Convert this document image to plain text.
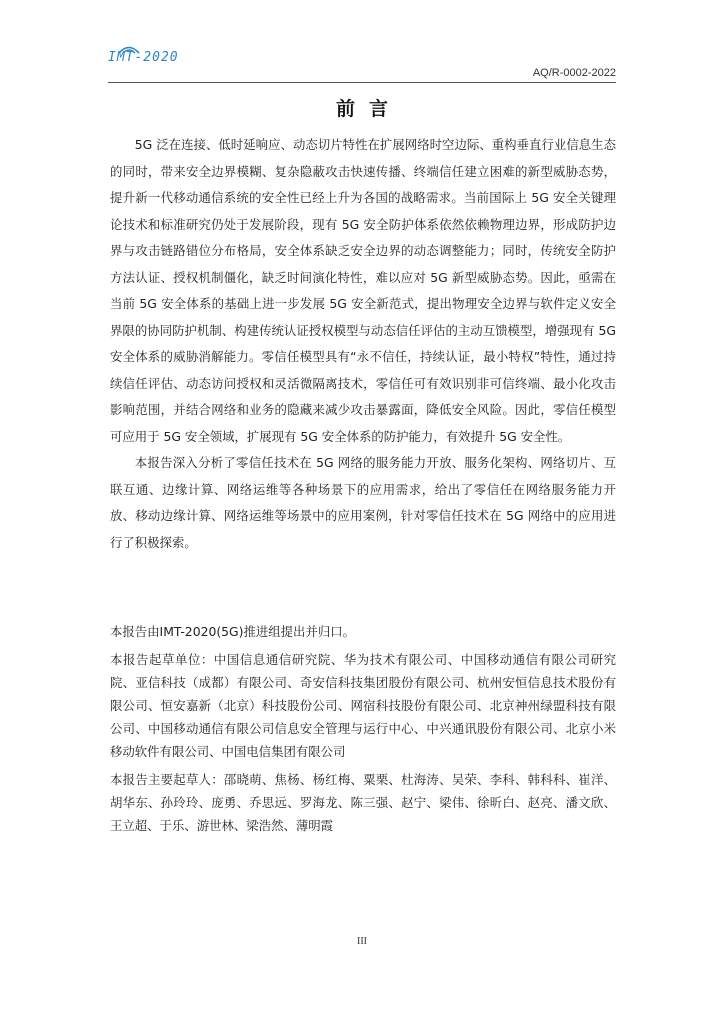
IMT-2020
AQ/R-0002-2022
前言

5G 泛在连接、低时延响应、动态切片特性在扩展网络时空边际、重构垂直行业信息生态的同时，带来安全边界模糊、复杂隐蔽攻击快速传播、终端信任建立困难的新型威胁态势，提升新一代移动通信系统的安全性已经上升为各国的战略需求。当前国际上 5G 安全关键理论技术和标准研究仍处于发展阶段，现有 5G 安全防护体系依然依赖物理边界，形成防护边界与攻击链路错位分布格局，安全体系缺乏安全边界的动态调整能力；同时，传统安全防护方法认证、授权机制僵化，缺乏时间演化特性，难以应对 5G 新型威胁态势。因此，亟需在当前 5G 安全体系的基础上进一步发展 5G 安全新范式，提出物理安全边界与软件定义安全界限的协同防护机制、构建传统认证授权模型与动态信任评估的主动互馈模型，增强现有 5G 安全体系的威胁消解能力。零信任模型具有“永不信任，持续认证，最小特权”特性，通过持续信任评估、动态访问授权和灵活微隔离技术，零信任可有效识别非可信终端、最小化攻击影响范围，并结合网络和业务的隐藏来减少攻击暴露面，降低安全风险。因此，零信任模型可应用于 5G 安全领域，扩展现有 5G 安全体系的防护能力，有效提升 5G 安全性。

本报告深入分析了零信任技术在 5G 网络的服务能力开放、服务化架构、网络切片、互联互通、边缘计算、网络运维等各种场景下的应用需求，给出了零信任在网络服务能力开放、移动边缘计算、网络运维等场景中的应用案例，针对零信任技术在 5G 网络中的应用进行了积极探索。

本报告由IMT-2020(5G)推进组提出并归口。

本报告起草单位：中国信息通信研究院、华为技术有限公司、中国移动通信有限公司研究院、亚信科技（成都）有限公司、奇安信科技集团股份有限公司、杭州安恒信息技术股份有限公司、恒安嘉新（北京）科技股份公司、网宿科技股份有限公司、北京神州绿盟科技有限公司、中国移动通信有限公司信息安全管理与运行中心、中兴通讯股份有限公司、北京小米移动软件有限公司、中国电信集团有限公司

本报告主要起草人：邵晓萌、焦杨、杨红梅、粟栗、杜海涛、吴荣、李科、韩科科、崔洋、胡华东、孙玲玲、庞勇、乔思远、罗海龙、陈三强、赵宁、梁伟、徐昕白、赵亮、潘文欣、王立超、于乐、游世林、梁浩然、薄明霞

III
